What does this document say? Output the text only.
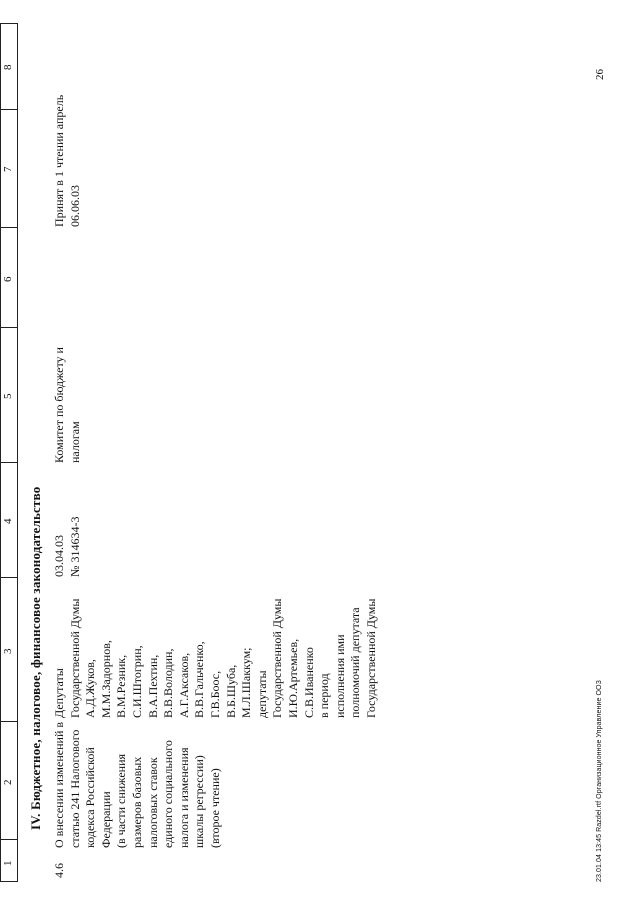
1
2
3
4
5
6
7
8
IV. Бюджетное, налоговое, финансовое законодательство
4.6
О внесении изменений в статью 241 Налогового кодекса Российской Федерации (в части снижения размеров базовых налоговых ставок единого социального налога и изменения шкалы регрессии) (второе чтение)
Депутаты Государственной Думы А.Д.Жуков, М.М.Задорнов, В.М.Резник, С.И.Штогрин, В.А.Пехтин, В.В.Володин, А.Г.Аксаков, В.В.Гальченко, Г.В.Боос, В.Б.Шуба, М.Л.Шаккум; депутаты Государственной Думы И.Ю.Артемьев, С.В.Иваненко в период исполнения ими полномочий депутата Государственной Думы
03.04.03 № 314634-3
Комитет по бюджету и налогам
Принят в 1 чтении апрель 06.06.03
26
23.01.04 13:45 Razdel.rtf Организационное Управление ООЗ
